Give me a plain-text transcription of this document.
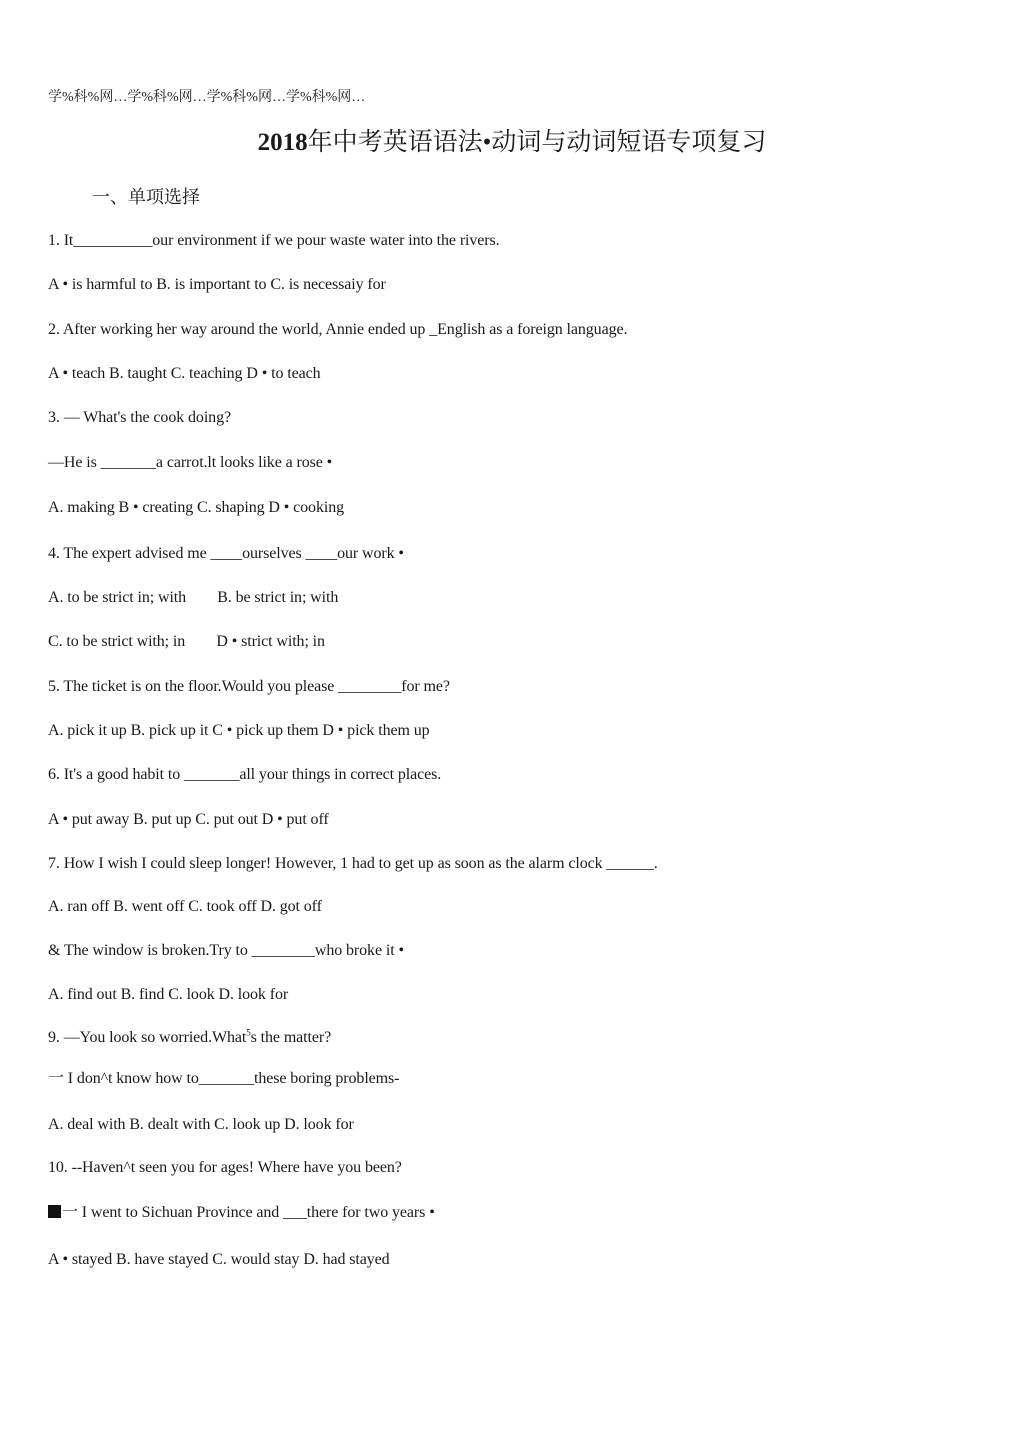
学%科%网…学%科%网…学%科%网…学%科%网…
2018年中考英语语法•动词与动词短语专项复习
一、单项选择
1. It__________our environment if we pour waste water into the rivers.
A • is harmful to B. is important to C. is necessaiy for
2. After working her way around the world, Annie ended up _English as a foreign language.
A • teach B. taught C. teaching D • to teach
3. — What's the cook doing?
—He is _______a carrot.lt looks like a rose •
A. making B • creating C. shaping D • cooking
4. The expert advised me ____ourselves ____our work •
A. to be strict in; with        B. be strict in; with
C. to be strict with; in        D • strict with; in
5. The ticket is on the floor.Would you please ________for me?
A. pick it up B. pick up it C • pick up them D • pick them up
6. It's a good habit to _______all your things in correct places.
A • put away B. put up C. put out D • put off
7. How I wish I could sleep longer! However, 1 had to get up as soon as the alarm clock ______.
A. ran off B. went off C. took off D. got off
& The window is broken.Try to ________who broke it •
A. find out B. find C. look D. look for
9. —You look so worried.What$^5$s the matter?
一 I don^t know how to_______these boring problems-
A. deal with B. dealt with C. look up D. look for
10. --Haven^t seen you for ages! Where have you been?
一 I went to Sichuan Province and ___there for two years •
A • stayed B. have stayed C. would stay D. had stayed
